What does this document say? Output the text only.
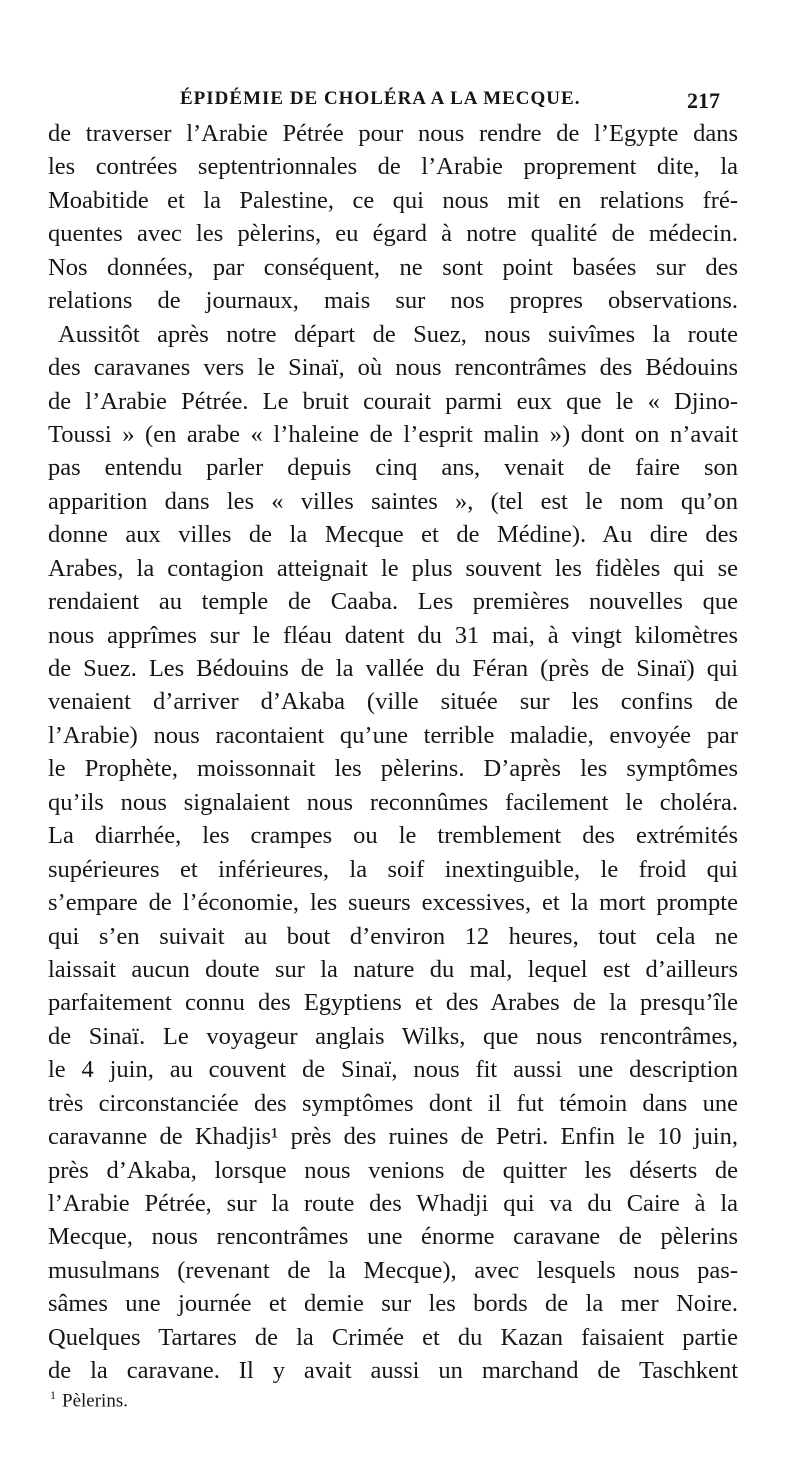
ÉPIDÉMIE DE CHOLÉRA A LA MECQUE.	217
de traverser l’Arabie Pétrée pour nous rendre de l’Egypte dans
les contrées septentrionnales de l’Arabie proprement dite, la
Moabitide et la Palestine, ce qui nous mit en relations fré-
quentes avec les pèlerins, eu égard à notre qualité de médecin.
Nos données, par conséquent, ne sont point basées sur des
relations de journaux, mais sur nos propres observations.
Aussitôt après notre départ de Suez, nous suivîmes la route
des caravanes vers le Sinaï, où nous rencontrâmes des Bédouins
de l’Arabie Pétrée. Le bruit courait parmi eux que le « Djino-
Toussi » (en arabe « l’haleine de l’esprit malin ») dont on n’avait
pas entendu parler depuis cinq ans, venait de faire son
apparition dans les « villes saintes », (tel est le nom qu’on
donne aux villes de la Mecque et de Médine). Au dire des
Arabes, la contagion atteignait le plus souvent les fidèles qui se
rendaient au temple de Caaba. Les premières nouvelles que
nous apprîmes sur le fléau datent du 31 mai, à vingt kilomètres
de Suez. Les Bédouins de la vallée du Féran (près de Sinaï) qui
venaient d’arriver d’Akaba (ville située sur les confins de
l’Arabie) nous racontaient qu’une terrible maladie, envoyée par
le Prophète, moissonnait les pèlerins. D’après les symptômes
qu’ils nous signalaient nous reconnûmes facilement le choléra.
La diarrhée, les crampes ou le tremblement des extrémités
supérieures et inférieures, la soif inextinguible, le froid qui
s’empare de l’économie, les sueurs excessives, et la mort prompte
qui s’en suivait au bout d’environ 12 heures, tout cela ne
laissait aucun doute sur la nature du mal, lequel est d’ailleurs
parfaitement connu des Egyptiens et des Arabes de la presqu’île
de Sinaï. Le voyageur anglais Wilks, que nous rencontrâmes,
le 4 juin, au couvent de Sinaï, nous fit aussi une description
très circonstanciée des symptômes dont il fut témoin dans une
caravanne de Khadjis¹ près des ruines de Petri. Enfin le 10 juin,
près d’Akaba, lorsque nous venions de quitter les déserts de
l’Arabie Pétrée, sur la route des Whadji qui va du Caire à la
Mecque, nous rencontrâmes une énorme caravane de pèlerins
musulmans (revenant de la Mecque), avec lesquels nous pas-
sâmes une journée et demie sur les bords de la mer Noire.
Quelques Tartares de la Crimée et du Kazan faisaient partie
de la caravane. Il y avait aussi un marchand de Taschkent
$^1$ Pèlerins.
